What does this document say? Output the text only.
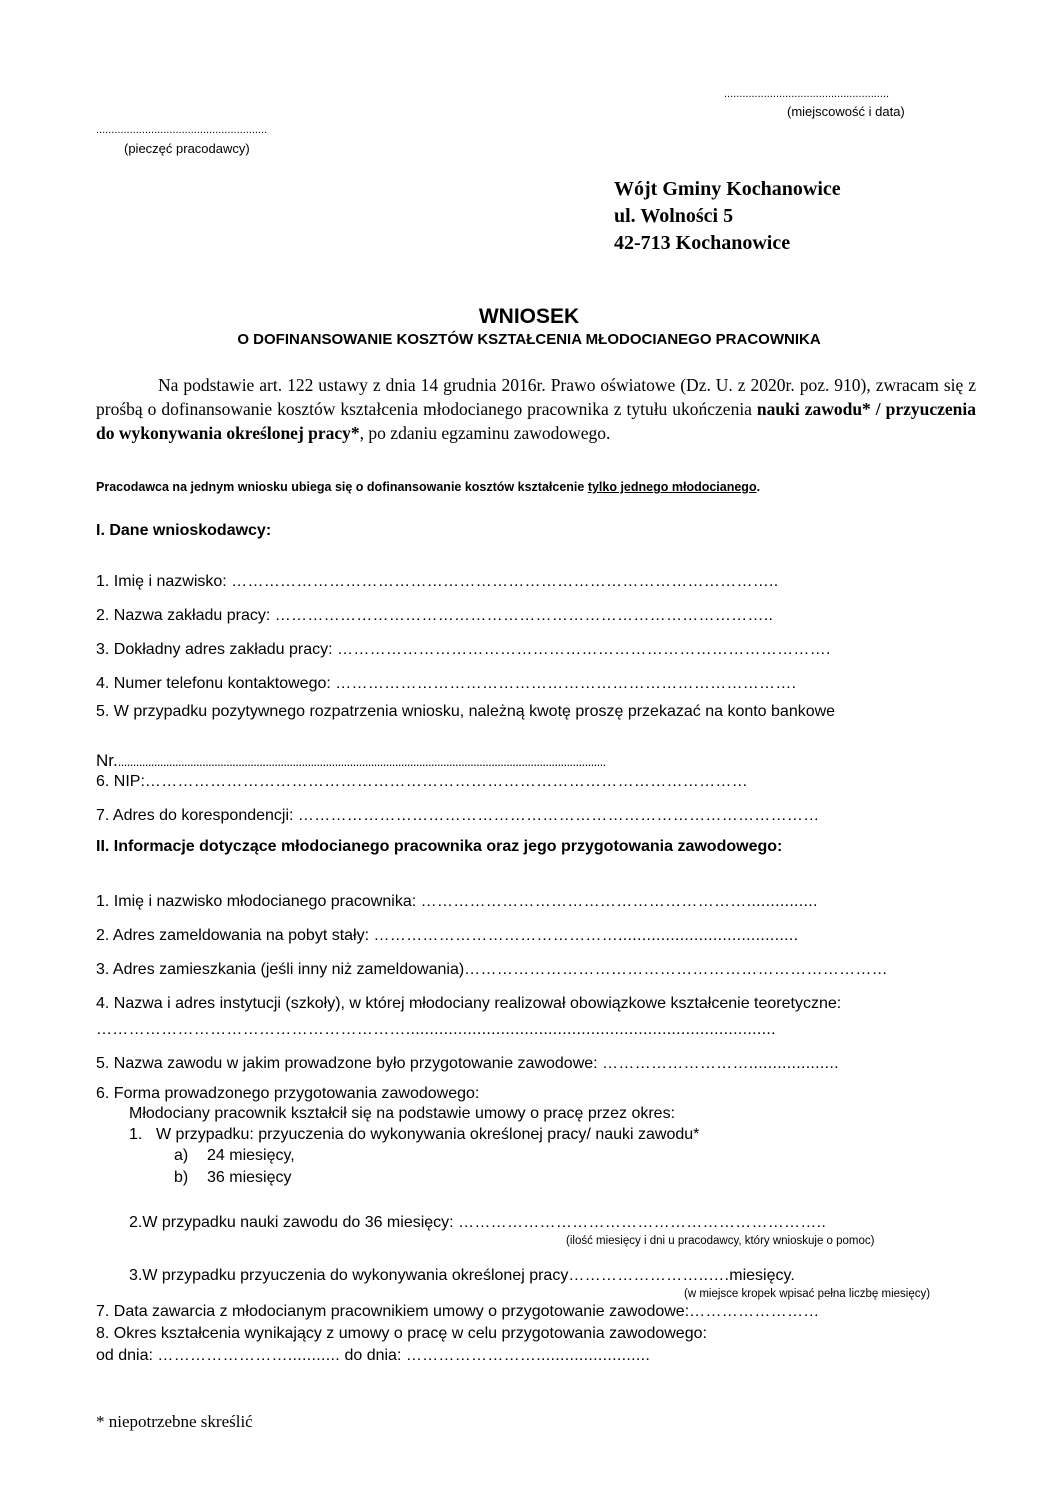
......................................................
(miejscowość i data)
........................................................
(pieczęć pracodawcy)
Wójt Gminy Kochanowice
ul. Wolności 5
42-713 Kochanowice
WNIOSEK
O DOFINANSOWANIE KOSZTÓW KSZTAŁCENIA MŁODOCIANEGO PRACOWNIKA
Na podstawie art. 122 ustawy z dnia 14 grudnia 2016r. Prawo oświatowe (Dz. U. z 2020r. poz. 910), zwracam się z prośbą o dofinansowanie kosztów kształcenia młodocianego pracownika z tytułu ukończenia nauki zawodu* / przyuczenia do wykonywania określonej pracy*, po zdaniu egzaminu zawodowego.
Pracodawca na jednym wniosku ubiega się o dofinansowanie kosztów kształcenie tylko jednego młodocianego.
I. Dane wnioskodawcy:
1. Imię i nazwisko: ………………………………………………………………………………………..
2. Nazwa zakładu pracy: ………………………………………………………………………………..
3. Dokładny adres zakładu pracy: ……………………………………………………………………………….
4. Numer telefonu kontaktowego: ………………………………………………………………………….
5. W przypadku pozytywnego rozpatrzenia wniosku, należną kwotę proszę przekazać na konto bankowe
Nr...................................................................................................................................................................
6. NIP:…………………………………………………………………………………………………
7. Adres do korespondencji: ……………………………………………………………………………………
II. Informacje dotyczące młodocianego pracownika oraz jego przygotowania zawodowego:
1. Imię i nazwisko młodocianego pracownika: ……………………………………………………...............
2. Adres zameldowania na pobyt stały: ………………………………………......................................
3. Adres zamieszkania (jeśli inny niż zameldowania)……………………………………………………………………
4. Nazwa i adres instytucji (szkoły), w której młodociany realizował obowiązkowe kształcenie teoretyczne:
…………………………………………………..............................................................................
5. Nazwa zawodu w jakim prowadzone było przygotowanie zawodowe: ………………………...................
6. Forma prowadzonego przygotowania zawodowego:
Młodociany pracownik kształcił się na podstawie umowy o pracę przez okres:
1. W przypadku: przyuczenia do wykonywania określonej pracy/ nauki zawodu*
a) 24 miesięcy,
b) 36 miesięcy
2.W przypadku nauki zawodu do 36 miesięcy: …………………………………………………………..
(ilość miesięcy i dni u pracodawcy, który wnioskuje o pomoc)
3.W przypadku przyuczenia do wykonywania określonej pracy……………………..….miesięcy.
(w miejsce kropek wpisać pełna liczbę miesięcy)
7. Data zawarcia z młodocianym pracownikiem umowy o przygotowanie zawodowe:……………………
8. Okres kształcenia wynikający z umowy o pracę w celu przygotowania zawodowego:
od dnia: ……………………........... do dnia: ……………………........................
* niepotrzebne skreślić
